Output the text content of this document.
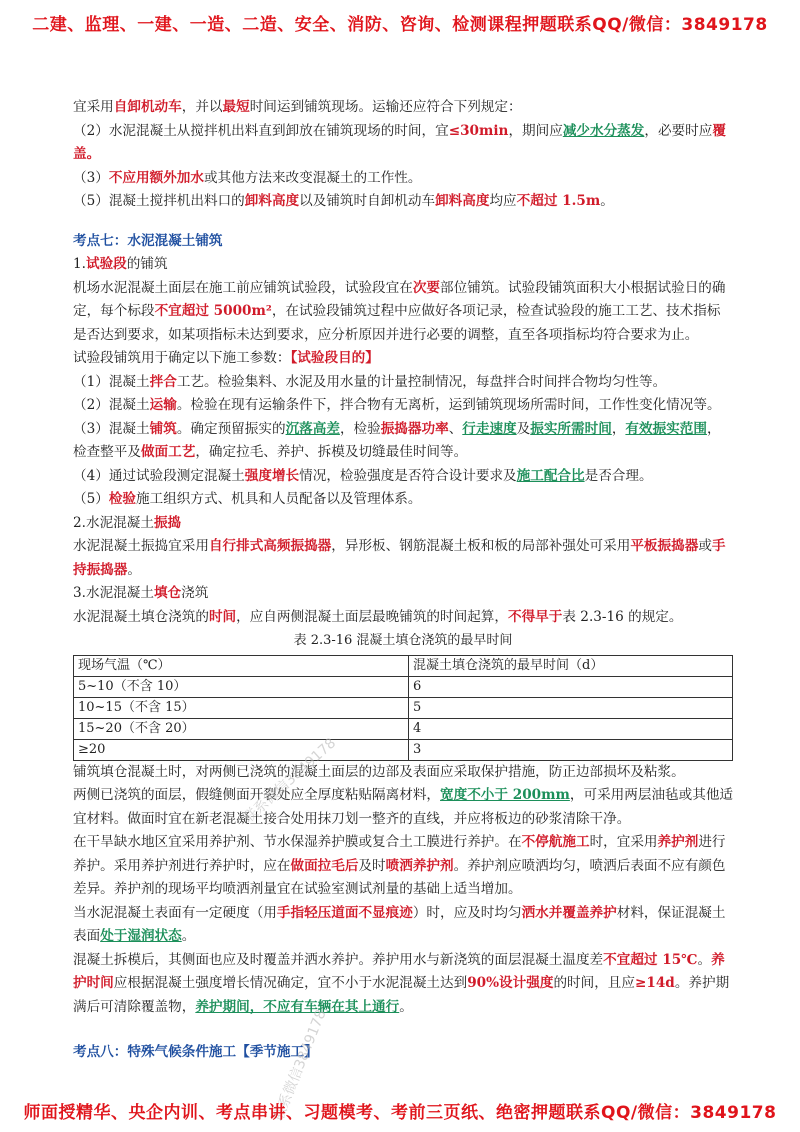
二建、监理、一建、一造、二造、安全、消防、咨询、检测课程押题联系QQ/微信：3849178

宜采用自卸机动车，并以最短时间运到铺筑现场。运输还应符合下列规定：

（2）水泥混凝土从搅拌机出料直到卸放在铺筑现场的时间，宜≤30min，期间应减少水分蒸发，必要时应覆盖。

（3）不应用额外加水或其他方法来改变混凝土的工作性。

（5）混凝土搅拌机出料口的卸料高度以及铺筑时自卸机动车卸料高度均应不超过 1.5m。

考点七：水泥混凝土铺筑

1.试验段的铺筑

机场水泥混凝土面层在施工前应铺筑试验段，试验段宜在次要部位铺筑。试验段铺筑面积大小根据试验日的确定，每个标段不宜超过 5000m²，在试验段铺筑过程中应做好各项记录，检查试验段的施工工艺、技术指标是否达到要求，如某项指标未达到要求，应分析原因并进行必要的调整，直至各项指标均符合要求为止。

试验段铺筑用于确定以下施工参数：【试验段目的】

（1）混凝土拌合工艺。检验集料、水泥及用水量的计量控制情况，每盘拌合时间拌合物均匀性等。

（2）混凝土运输。检验在现有运输条件下，拌合物有无离析，运到铺筑现场所需时间，工作性变化情况等。

（3）混凝土铺筑。确定预留振实的沉落高差，检验振捣器功率、行走速度及振实所需时间，有效振实范围，检查整平及做面工艺，确定拉毛、养护、拆模及切缝最佳时间等。

（4）通过试验段测定混凝土强度增长情况，检验强度是否符合设计要求及施工配合比是否合理。

（5）检验施工组织方式、机具和人员配备以及管理体系。

2.水泥混凝土振捣

水泥混凝土振捣宜采用自行排式高频振捣器，异形板、钢筋混凝土板和板的局部补强处可采用平板振捣器或手持振捣器。

3.水泥混凝土填仓浇筑

水泥混凝土填仓浇筑的时间，应自两侧混凝土面层最晚铺筑的时间起算，不得早于表 2.3-16 的规定。

表 2.3-16 混凝土填仓浇筑的最早时间

现场气温（℃）	混凝土填仓浇筑的最早时间（d）
5~10（不含 10）	6
10~15（不含 15）	5
15~20（不含 20）	4
≥20	3

铺筑填仓混凝土时，对两侧已浇筑的混凝土面层的边部及表面应采取保护措施，防正边部损坏及粘浆。

两侧已浇筑的面层，假缝侧面开裂处应全厚度粘贴隔离材料，宽度不小于 200mm，可采用两层油毡或其他适宜材料。做面时宜在新老混凝土接合处用抹刀划一整齐的直线，并应将板边的砂浆清除干净。

在干旱缺水地区宜采用养护剂、节水保湿养护膜或复合土工膜进行养护。在不停航施工时，宜采用养护剂进行养护。采用养护剂进行养护时，应在做面拉毛后及时喷洒养护剂。养护剂应喷洒均匀，喷洒后表面不应有颜色差异。养护剂的现场平均喷洒剂量宜在试验室测试剂量的基础上适当增加。

当水泥混凝土表面有一定硬度（用手指轻压道面不显痕迹）时，应及时均匀洒水并覆盖养护材料，保证混凝土表面处于湿润状态。

混凝土拆模后，其侧面也应及时覆盖并洒水养护。养护用水与新浇筑的面层混凝土温度差不宜超过 15℃。养护时间应根据混凝土强度增长情况确定，宜不小于水泥混凝土达到90%设计强度的时间，且应≥14d。养护期满后可清除覆盖物，养护期间，不应有车辆在其上通行。

考点八：特殊气候条件施工【季节施工】

联系微信3849178
联系微信3849178
师面授精华、央企内训、考点串讲、习题模考、考前三页纸、绝密押题联系QQ/微信：3849178
